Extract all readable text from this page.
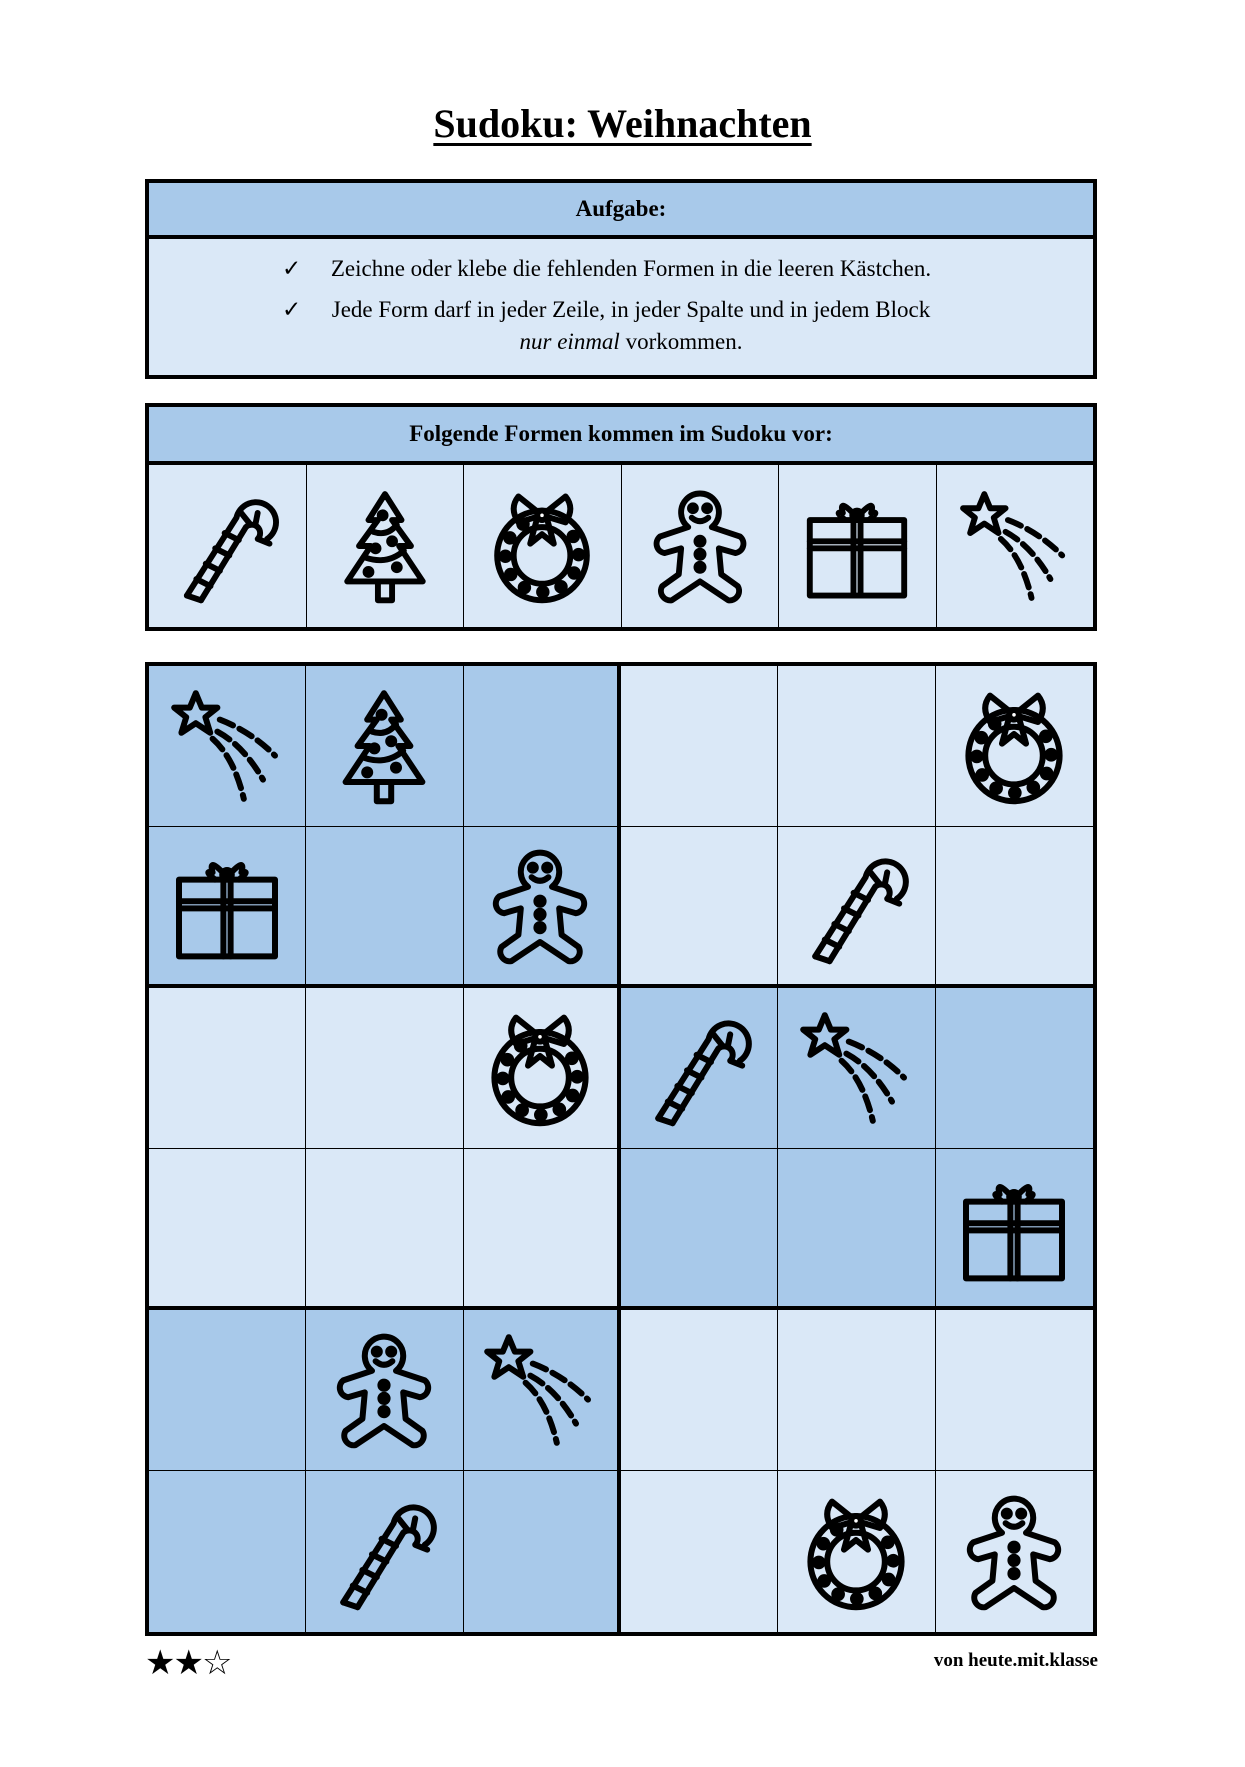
Sudoku: Weihnachten
Aufgabe:
✓ Zeichne oder klebe die fehlenden Formen in die leeren Kästchen.
✓ Jede Form darf in jeder Zeile, in jeder Spalte und in jedem Block
nur einmal vorkommen.
Folgende Formen kommen im Sudoku vor:
★★☆	von heute.mit.klasse
